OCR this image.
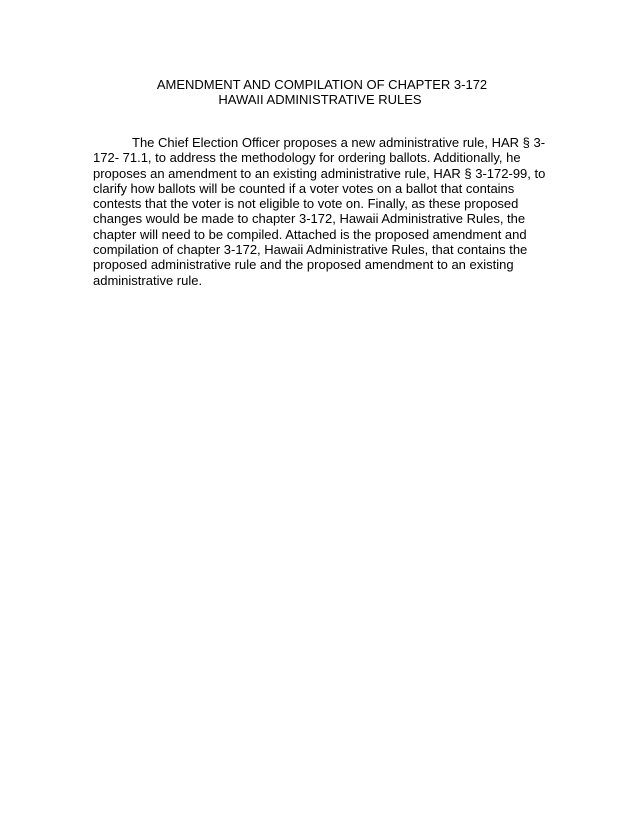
AMENDMENT AND COMPILATION OF CHAPTER 3-172
HAWAII ADMINISTRATIVE RULES
The Chief Election Officer proposes a new administrative rule, HAR § 3-
172- 71.1, to address the methodology for ordering ballots. Additionally, he
proposes an amendment to an existing administrative rule, HAR § 3-172-99, to
clarify how ballots will be counted if a voter votes on a ballot that contains
contests that the voter is not eligible to vote on. Finally, as these proposed
changes would be made to chapter 3-172, Hawaii Administrative Rules, the
chapter will need to be compiled. Attached is the proposed amendment and
compilation of chapter 3-172, Hawaii Administrative Rules, that contains the
proposed administrative rule and the proposed amendment to an existing
administrative rule.
